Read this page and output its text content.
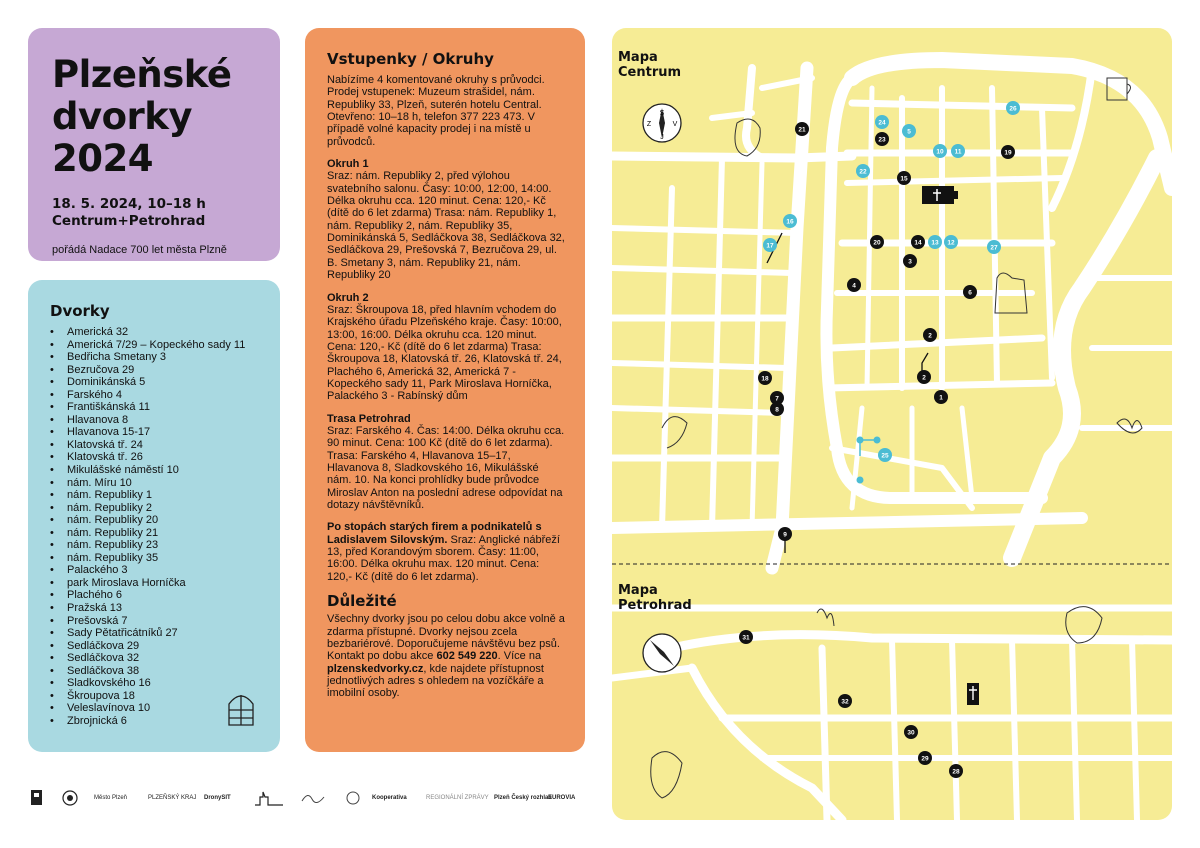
Plzeňské
dvorky
2024
18. 5. 2024, 10–18 h
Centrum+Petrohrad
pořádá Nadace 700 let města Plzně
Dvorky
• Americká 32
• Americká 7/29 – Kopeckého sady 11
• Bedřicha Smetany 3
• Bezručova 29
• Dominikánská 5
• Farského 4
• Františkánská 11
• Hlavanova 8
• Hlavanova 15-17
• Klatovská tř. 24
• Klatovská tř. 26
• Mikulášské náměstí 10
• nám. Míru 10
• nám. Republiky 1
• nám. Republiky 2
• nám. Republiky 20
• nám. Republiky 21
• nám. Republiky 23
• nám. Republiky 35
• Palackého 3
• park Miroslava Horníčka
• Plachého 6
• Pražská 13
• Prešovská 7
• Sady Pětatřicátníků 27
• Sedláčkova 29
• Sedláčkova 32
• Sedláčkova 38
• Sladkovského 16
• Škroupova 18
• Veleslavínova 10
• Zbrojnická 6
Vstupenky / Okruhy

Nabízíme 4 komentované okruhy s průvodci. Prodej vstupenek: Muzeum strašidel, nám. Republiky 33, Plzeň, suterén hotelu Central. Otevřeno: 10–18 h, telefon 377 223 473. V případě volné kapacity prodej i na místě u průvodců.

Okruh 1

Sraz: nám. Republiky 2, před výlohou svatebního salonu. Časy: 10:00, 12:00, 14:00. Délka okruhu cca. 120 minut. Cena: 120,- Kč (dítě do 6 let zdarma) Trasa: nám. Republiky 1, nám. Republiky 2, nám. Republiky 35, Dominikánská 5, Sedláčkova 38, Sedláčkova 32, Sedláčkova 29, Prešovská 7, Bezručova 29, ul. B. Smetany 3, nám. Republiky 21, nám. Republiky 20

Okruh 2

Sraz: Škroupova 18, před hlavním vchodem do Krajského úřadu Plzeňského kraje. Časy: 10:00, 13:00, 16:00. Délka okruhu cca. 120 minut. Cena: 120,- Kč (dítě do 6 let zdarma) Trasa: Škroupova 18, Klatovská tř. 26, Klatovská tř. 24, Plachého 6, Americká 32, Americká 7 - Kopeckého sady 11, Park Miroslava Horníčka, Palackého 3 - Rabínský dům

Trasa Petrohrad

Sraz: Farského 4. Čas: 14:00. Délka okruhu cca. 90 minut. Cena: 100 Kč (dítě do 6 let zdarma). Trasa: Farského 4, Hlavanova 15–17, Hlavanova 8, Sladkovského 16, Mikulášské nám. 10. Na konci prohlídky bude průvodce Miroslav Anton na poslední adrese odpovídat na dotazy návštěvníků.

Po stopách starých firem a podnikatelů s Ladislavem Silovským. Sraz: Anglické nábřeží 13, před Korandovým sborem. Časy: 11:00, 16:00. Délka okruhu max. 120 minut. Cena: 120,- Kč (dítě do 6 let zdarma).

Důležité

Všechny dvorky jsou po celou dobu akce volně a zdarma přístupné. Dvorky nejsou zcela bezbariérové. Doporučujeme návštěvu bez psů. Kontakt po dobu akce 602 549 220. Více na plzenskedvorky.cz, kde najdete přístupnost jednotlivých adres s ohledem na vozíčkáře a imobilní osoby.

Město Plzeň	PLZEŇSKÝ KRAJ DronySIT	Kooperativa	REGIONÁLNÍ ZPRÁVY Plzeň Český rozhlas
EUROVIA
S
V
J
Z
21
23
19
15
20	14
3
4
6
2
2
18
7
8
1
9
31
32
30
29
28
26
24
5
10 11
22
16
17	13 12
27
25
Mapa
Centrum
Mapa
Petrohrad
